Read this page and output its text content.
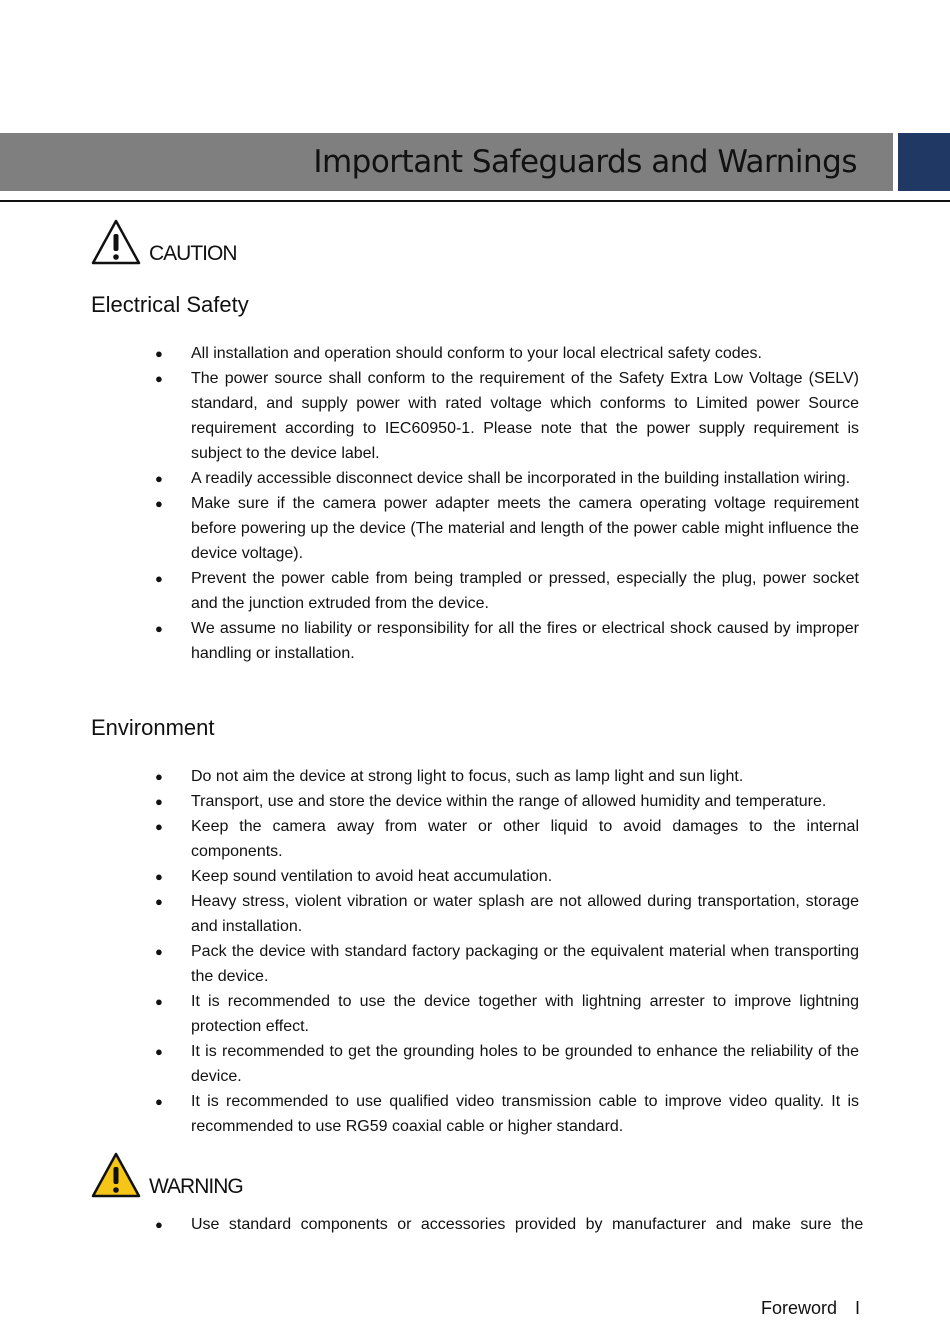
Important Safeguards and Warnings
CAUTION
Electrical Safety
● All installation and operation should conform to your local electrical safety codes.
● The power source shall conform to the requirement of the Safety Extra Low Voltage (SELV) standard, and supply power with rated voltage which conforms to Limited power Source requirement according to IEC60950-1. Please note that the power supply requirement is subject to the device label.
● A readily accessible disconnect device shall be incorporated in the building installation wiring.
● Make sure if the camera power adapter meets the camera operating voltage requirement before powering up the device (The material and length of the power cable might influence the device voltage).
● Prevent the power cable from being trampled or pressed, especially the plug, power socket and the junction extruded from the device.
● We assume no liability or responsibility for all the fires or electrical shock caused by improper handling or installation.
Environment
● Do not aim the device at strong light to focus, such as lamp light and sun light.
● Transport, use and store the device within the range of allowed humidity and temperature.
● Keep the camera away from water or other liquid to avoid damages to the internal components.
● Keep sound ventilation to avoid heat accumulation.
● Heavy stress, violent vibration or water splash are not allowed during transportation, storage and installation.
● Pack the device with standard factory packaging or the equivalent material when transporting the device.
● It is recommended to use the device together with lightning arrester to improve lightning protection effect.
● It is recommended to get the grounding holes to be grounded to enhance the reliability of the device.
● It is recommended to use qualified video transmission cable to improve video quality. It is recommended to use RG59 coaxial cable or higher standard.
WARNING
● Use standard components or accessories provided by manufacturer and make sure the
Foreword I
